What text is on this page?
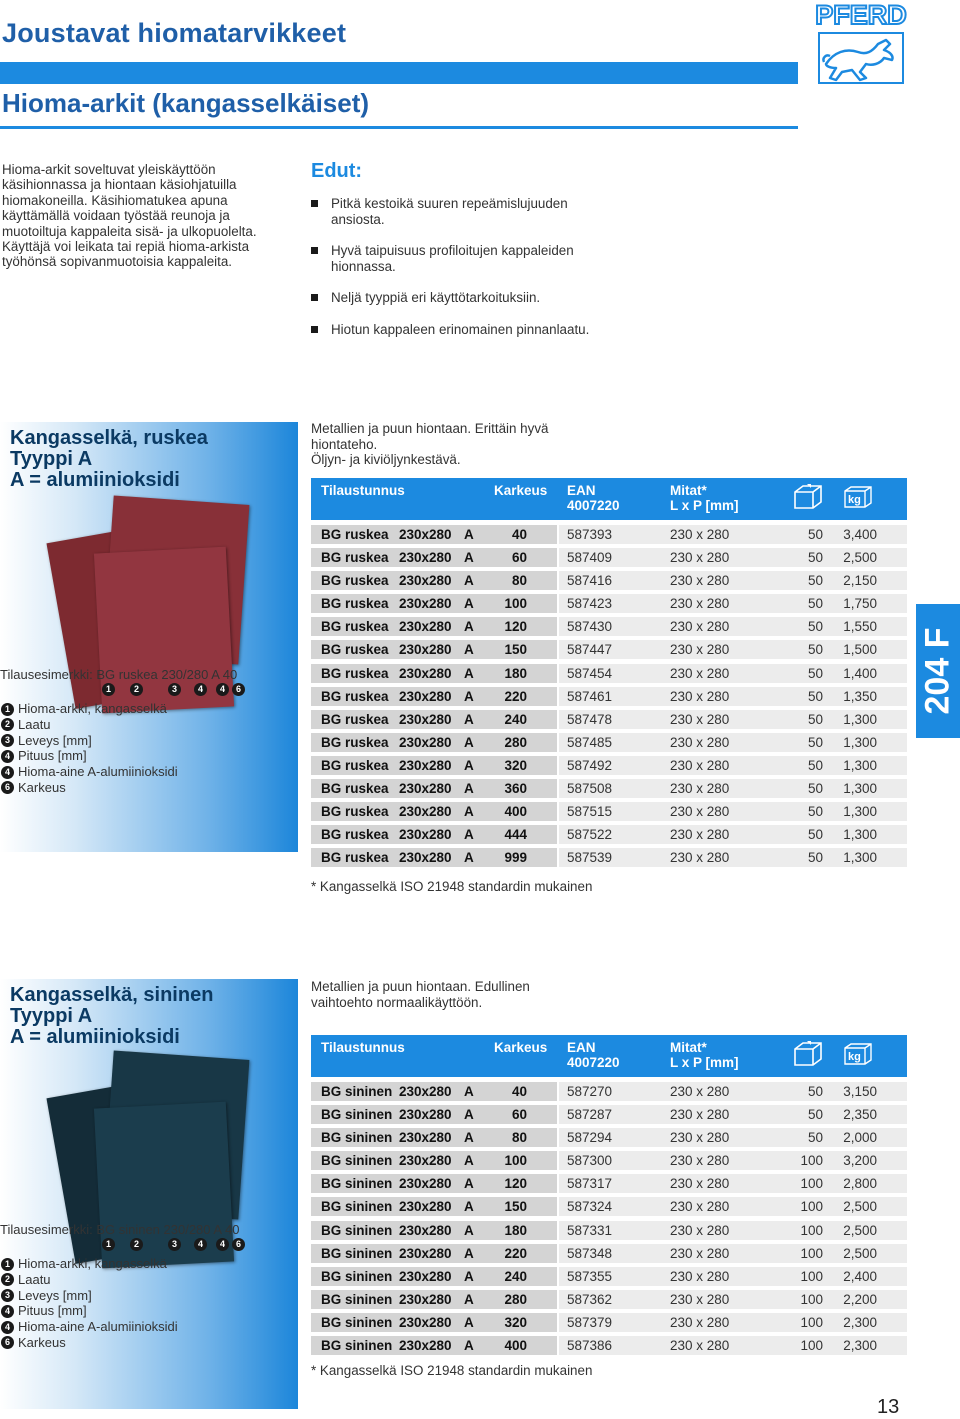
Joustavat hiomatarvikkeet
Hioma-arkit (kangasselkäiset)
PFERD
Hioma-arkit soveltuvat yleiskäyttöön käsihionnassa ja hiontaan käsiohjatuilla hiomakoneilla. Käsihiomatukea apuna käyttämällä voidaan työstää reunoja ja muotoiltuja kappaleita sisä- ja ulkopuolelta. Käyttäjä voi leikata tai repiä hioma-arkista työhönsä sopivanmuotoisia kappaleita.
Edut:
Pitkä kestoikä suuren repeämislujuuden ansiosta.
Hyvä taipuisuus profiloitujen kappaleiden hionnassa.
Neljä tyyppiä eri käyttötarkoituksiin.
Hiotun kappaleen erinomainen pinnanlaatu.
204 F
Kangasselkä, ruskea
Tyyppi A
A = alumiinioksidi
Tilausesimerkki: BG ruskea 230/280 A 40
1	2	3	4	4	6
1 Hioma-arkki, kangasselkä
2 Laatu
3 Leveys [mm]
4 Pituus [mm]
4 Hioma-aine A-alumiinioksidi
6 Karkeus
Metallien ja puun hiontaan. Erittäin hyvä
hiontateho.
Öljyn- ja kiviöljynkestävä.
Tilaustunnus	Karkeus EAN
4007220
Mitat*
L x P [mm]	kg
BG ruskea 230x280 A	40	587393	230 x 280	50 3,400
BG ruskea 230x280 A	60	587409	230 x 280	50 2,500
BG ruskea 230x280 A	80	587416	230 x 280	50 2,150
BG ruskea 230x280 A 100	587423	230 x 280	50 1,750
BG ruskea 230x280 A 120	587430	230 x 280	50 1,550
BG ruskea 230x280 A 150	587447	230 x 280	50 1,500
BG ruskea 230x280 A 180	587454	230 x 280	50 1,400
BG ruskea 230x280 A 220	587461	230 x 280	50 1,350
BG ruskea 230x280 A 240	587478	230 x 280	50 1,300
BG ruskea 230x280 A 280	587485	230 x 280	50 1,300
BG ruskea 230x280 A 320	587492	230 x 280	50 1,300
BG ruskea 230x280 A 360	587508	230 x 280	50 1,300
BG ruskea 230x280 A 400	587515	230 x 280	50 1,300
BG ruskea 230x280 A 444	587522	230 x 280	50 1,300
BG ruskea 230x280 A 999	587539	230 x 280	50 1,300
* Kangasselkä ISO 21948 standardin mukainen
Kangasselkä, sininen
Tyyppi A
A = alumiinioksidi
Tilausesimerkki: BG sininen 230/280 A 40
1	2	3	4	4	6
1 Hioma-arkki, kangasselkä
2 Laatu
3 Leveys [mm]
4 Pituus [mm]
4 Hioma-aine A-alumiinioksidi
6 Karkeus
Metallien ja puun hiontaan. Edullinen
vaihtoehto normaalikäyttöön.
Tilaustunnus	Karkeus EAN
4007220
Mitat*
L x P [mm]	kg
BG sininen 230x280 A	40	587270	230 x 280	50 3,150
BG sininen 230x280 A	60	587287	230 x 280	50 2,350
BG sininen 230x280 A	80	587294	230 x 280	50 2,000
BG sininen 230x280 A 100	587300	230 x 280	100 3,200
BG sininen 230x280 A 120	587317	230 x 280	100 2,800
BG sininen 230x280 A 150	587324	230 x 280	100 2,500
BG sininen 230x280 A 180	587331	230 x 280	100 2,500
BG sininen 230x280 A 220	587348	230 x 280	100 2,500
BG sininen 230x280 A 240	587355	230 x 280	100 2,400
BG sininen 230x280 A 280	587362	230 x 280	100 2,200
BG sininen 230x280 A 320	587379	230 x 280	100 2,300
BG sininen 230x280 A 400	587386	230 x 280	100 2,300
* Kangasselkä ISO 21948 standardin mukainen
13
